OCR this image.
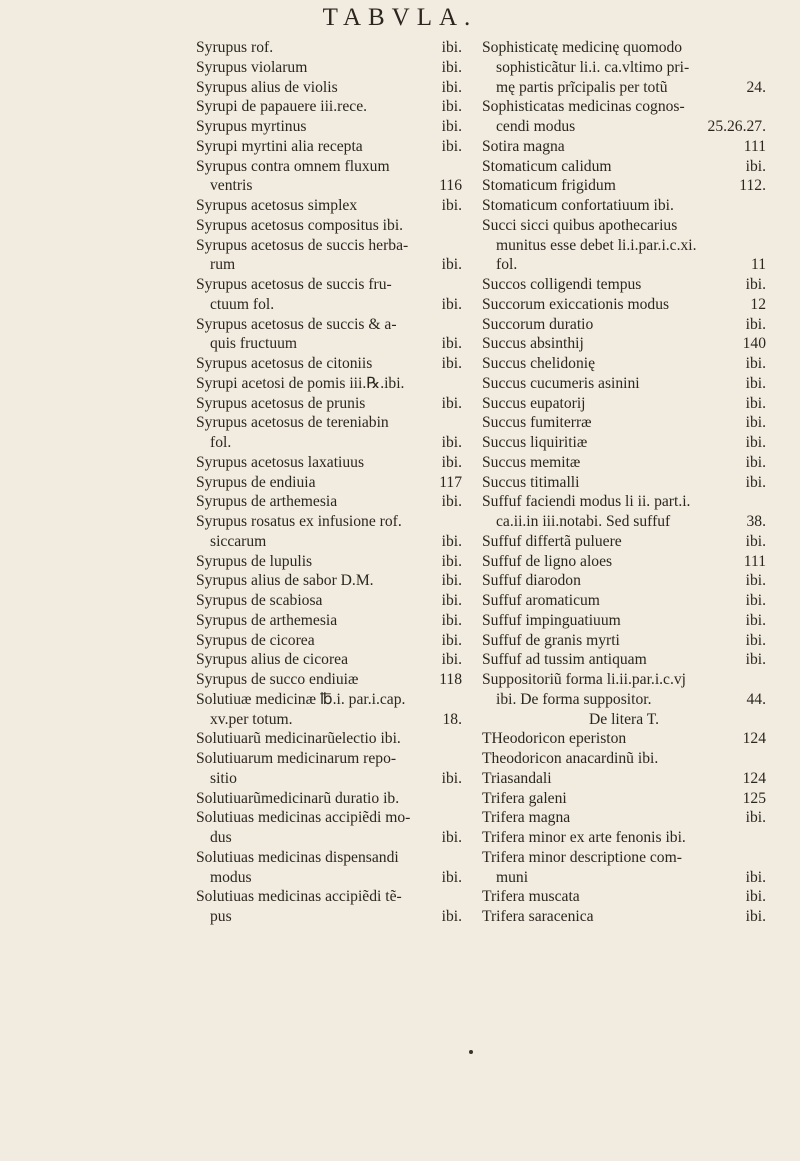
TABVLA.
Syrupus rof.	ibi.
Syrupus violarum	ibi.
Syrupus alius de violis	ibi.
Syrupi de papauere iii.rece.	ibi.
Syrupus myrtinus	ibi.
Syrupi myrtini alia recepta	ibi.
Syrupus contra omnem fluxum
ventris	116
Syrupus acetosus simplex	ibi.
Syrupus acetosus compositus ibi.
Syrupus acetosus de succis herba-
rum	ibi.
Syrupus acetosus de succis fru-
ctuum fol.	ibi.
Syrupus acetosus de succis & a-
quis fructuum	ibi.
Syrupus acetosus de citoniis	ibi.
Syrupi acetosi de pomis iii.℞.ibi.
Syrupus acetosus de prunis	ibi.
Syrupus acetosus de tereniabin
fol.	ibi.
Syrupus acetosus laxatiuus	ibi.
Syrupus de endiuia	117
Syrupus de arthemesia	ibi.
Syrupus rosatus ex infusione rof.
siccarum	ibi.
Syrupus de lupulis	ibi.
Syrupus alius de sabor D.M.	ibi.
Syrupus de scabiosa	ibi.
Syrupus de arthemesia	ibi.
Syrupus de cicorea	ibi.
Syrupus alius de cicorea	ibi.
Syrupus de succo endiuiæ	118
Solutiuæ medicinæ ℔.i. par.i.cap.
xv.per totum.	18.
Solutiuarũ medicinarũelectio ibi.
Solutiuarum medicinarum repo-
sitio	ibi.
Solutiuarũmedicinarũ duratio ib.
Solutiuas medicinas accipiẽdi mo-
dus	ibi.
Solutiuas medicinas dispensandi
modus	ibi.
Solutiuas medicinas accipiẽdi tẽ-
pus	ibi.
Sophisticatę medicinę quomodo
sophisticãtur li.i. ca.vltimo pri-
mę partis prĩcipalis per totũ	24.
Sophisticatas medicinas cognos-
cendi modus	25.26.27.
Sotira magna	111
Stomaticum calidum	ibi.
Stomaticum frigidum	112.
Stomaticum confortatiuum ibi.
Succi sicci quibus apothecarius
munitus esse debet li.i.par.i.c.xi.
fol.	11
Succos colligendi tempus	ibi.
Succorum exiccationis modus	12
Succorum duratio	ibi.
Succus absinthij	140
Succus chelidonię	ibi.
Succus cucumeris asinini	ibi.
Succus eupatorij	ibi.
Succus fumiterræ	ibi.
Succus liquiritiæ	ibi.
Succus memitæ	ibi.
Succus titimalli	ibi.
Suffuf faciendi modus li ii. part.i.
ca.ii.in iii.notabi. Sed suffuf	38.
Suffuf differtã puluere	ibi.
Suffuf de ligno aloes	111
Suffuf diarodon	ibi.
Suffuf aromaticum	ibi.
Suffuf impinguatiuum	ibi.
Suffuf de granis myrti	ibi.
Suffuf ad tussim antiquam	ibi.
Suppositoriũ forma li.ii.par.i.c.vj
ibi. De forma suppositor.	44.
De litera T.
THeodoricon eperiston	124
Theodoricon anacardinũ ibi.
Triasandali	124
Trifera galeni	125
Trifera magna	ibi.
Trifera minor ex arte fenonis ibi.
Trifera minor descriptione com-
muni	ibi.
Trifera muscata	ibi.
Trifera saracenica	ibi.
